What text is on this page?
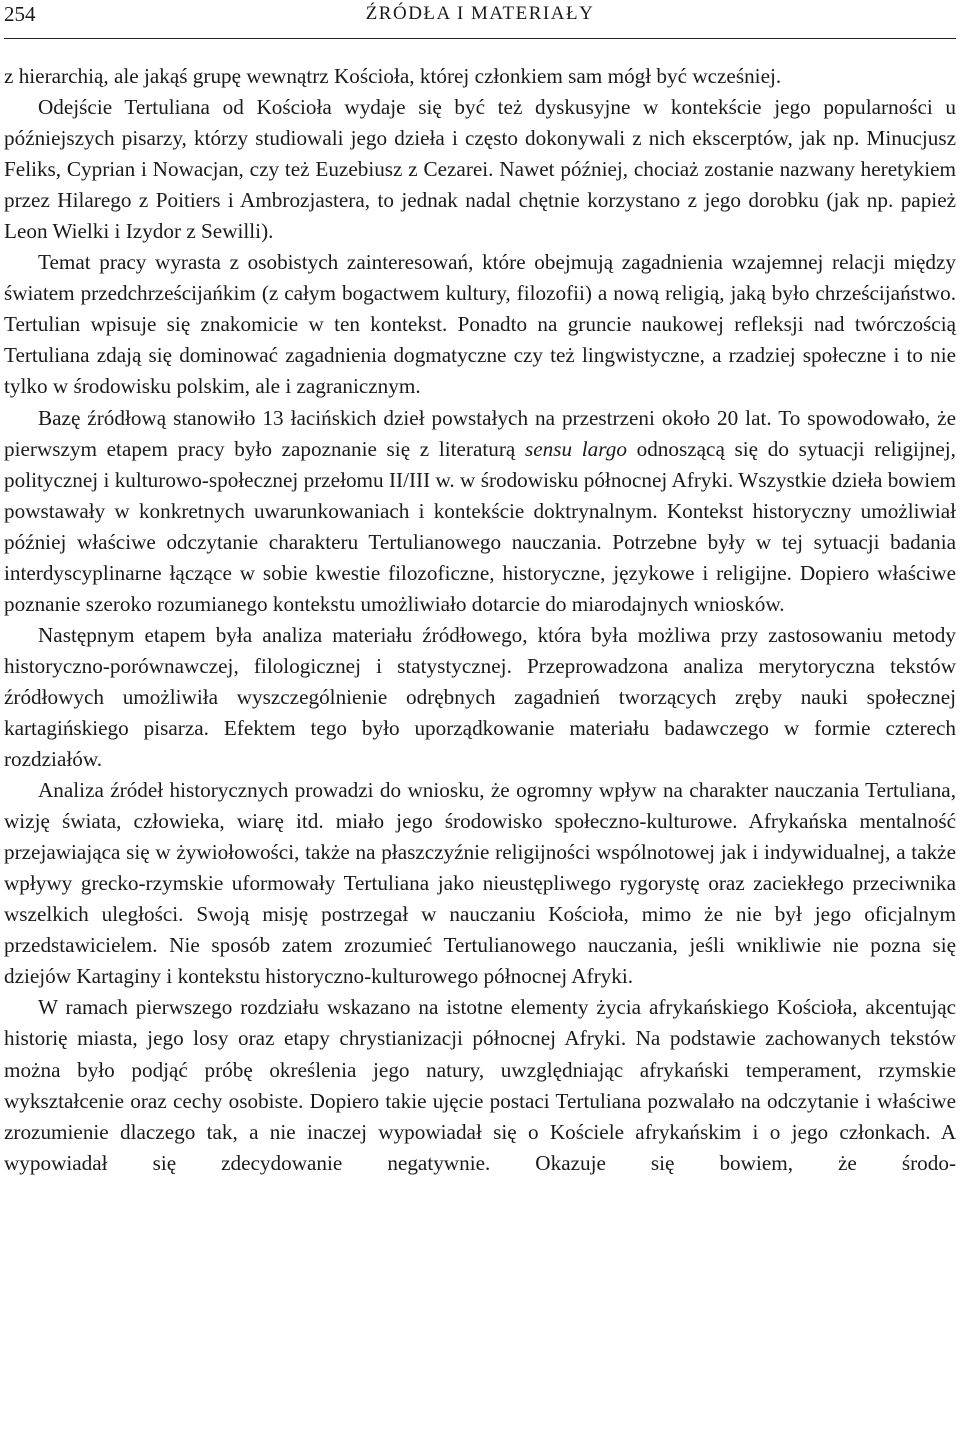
254	ŹRÓDŁA I MATERIAŁY

z hierarchią, ale jakąś grupę wewnątrz Kościoła, której członkiem sam mógł być wcześniej.

Odejście Tertuliana od Kościoła wydaje się być też dyskusyjne w kontekście jego popularności u późniejszych pisarzy, którzy studiowali jego dzieła i często dokonywali z nich ekscerptów, jak np. Minucjusz Feliks, Cyprian i Nowacjan, czy też Euzebiusz z Cezarei. Nawet później, chociaż zostanie nazwany heretykiem przez Hilarego z Poitiers i Ambrozjastera, to jednak nadal chętnie korzystano z jego dorobku (jak np. papież Leon Wielki i Izydor z Sewilli).

Temat pracy wyrasta z osobistych zainteresowań, które obejmują zagadnienia wzajemnej relacji między światem przedchrześcijańkim (z całym bogactwem kultury, filozofii) a nową religią, jaką było chrześcijaństwo. Tertulian wpisuje się znakomicie w ten kontekst. Ponadto na gruncie naukowej refleksji nad twórczością Tertuliana zdają się dominować zagadnienia dogmatyczne czy też lingwistyczne, a rzadziej społeczne i to nie tylko w środowisku polskim, ale i zagranicznym.

Bazę źródłową stanowiło 13 łacińskich dzieł powstałych na przestrzeni około 20 lat. To spowodowało, że pierwszym etapem pracy było zapoznanie się z literaturą sensu largo odnoszącą się do sytuacji religijnej, politycznej i kulturowo-społecznej przełomu II/III w. w środowisku północnej Afryki. Wszystkie dzieła bowiem powstawały w konkretnych uwarunkowaniach i kontekście doktrynalnym. Kontekst historyczny umożliwiał później właściwe odczytanie charakteru Tertulianowego nauczania. Potrzebne były w tej sytuacji badania interdyscyplinarne łączące w sobie kwestie filozoficzne, historyczne, językowe i religijne. Dopiero właściwe poznanie szeroko rozumianego kontekstu umożliwiało dotarcie do miarodajnych wniosków.

Następnym etapem była analiza materiału źródłowego, która była możliwa przy zastosowaniu metody historyczno-porównawczej, filologicznej i statystycznej. Przeprowadzona analiza merytoryczna tekstów źródłowych umożliwiła wyszczególnienie odrębnych zagadnień tworzących zręby nauki społecznej kartagińskiego pisarza. Efektem tego było uporządkowanie materiału badawczego w formie czterech rozdziałów.

Analiza źródeł historycznych prowadzi do wniosku, że ogromny wpływ na charakter nauczania Tertuliana, wizję świata, człowieka, wiarę itd. miało jego środowisko społeczno-kulturowe. Afrykańska mentalność przejawiająca się w żywiołowości, także na płaszczyźnie religijności wspólnotowej jak i indywidualnej, a także wpływy grecko-rzymskie uformowały Tertuliana jako nieustępliwego rygorystę oraz zaciekłego przeciwnika wszelkich uległości. Swoją misję postrzegał w nauczaniu Kościoła, mimo że nie był jego oficjalnym przedstawicielem. Nie sposób zatem zrozumieć Tertulianowego nauczania, jeśli wnikliwie nie pozna się dziejów Kartaginy i kontekstu historyczno-kulturowego północnej Afryki.

W ramach pierwszego rozdziału wskazano na istotne elementy życia afrykańskiego Kościoła, akcentując historię miasta, jego losy oraz etapy chrystianizacji północnej Afryki. Na podstawie zachowanych tekstów można było podjąć próbę określenia jego natury, uwzględniając afrykański temperament, rzymskie wykształcenie oraz cechy osobiste. Dopiero takie ujęcie postaci Tertuliana pozwalało na odczytanie i właściwe zrozumienie dlaczego tak, a nie inaczej wypowiadał się o Kościele afrykańskim i o jego członkach. A wypowiadał się zdecydowanie negatywnie. Okazuje się bowiem, że środo-
